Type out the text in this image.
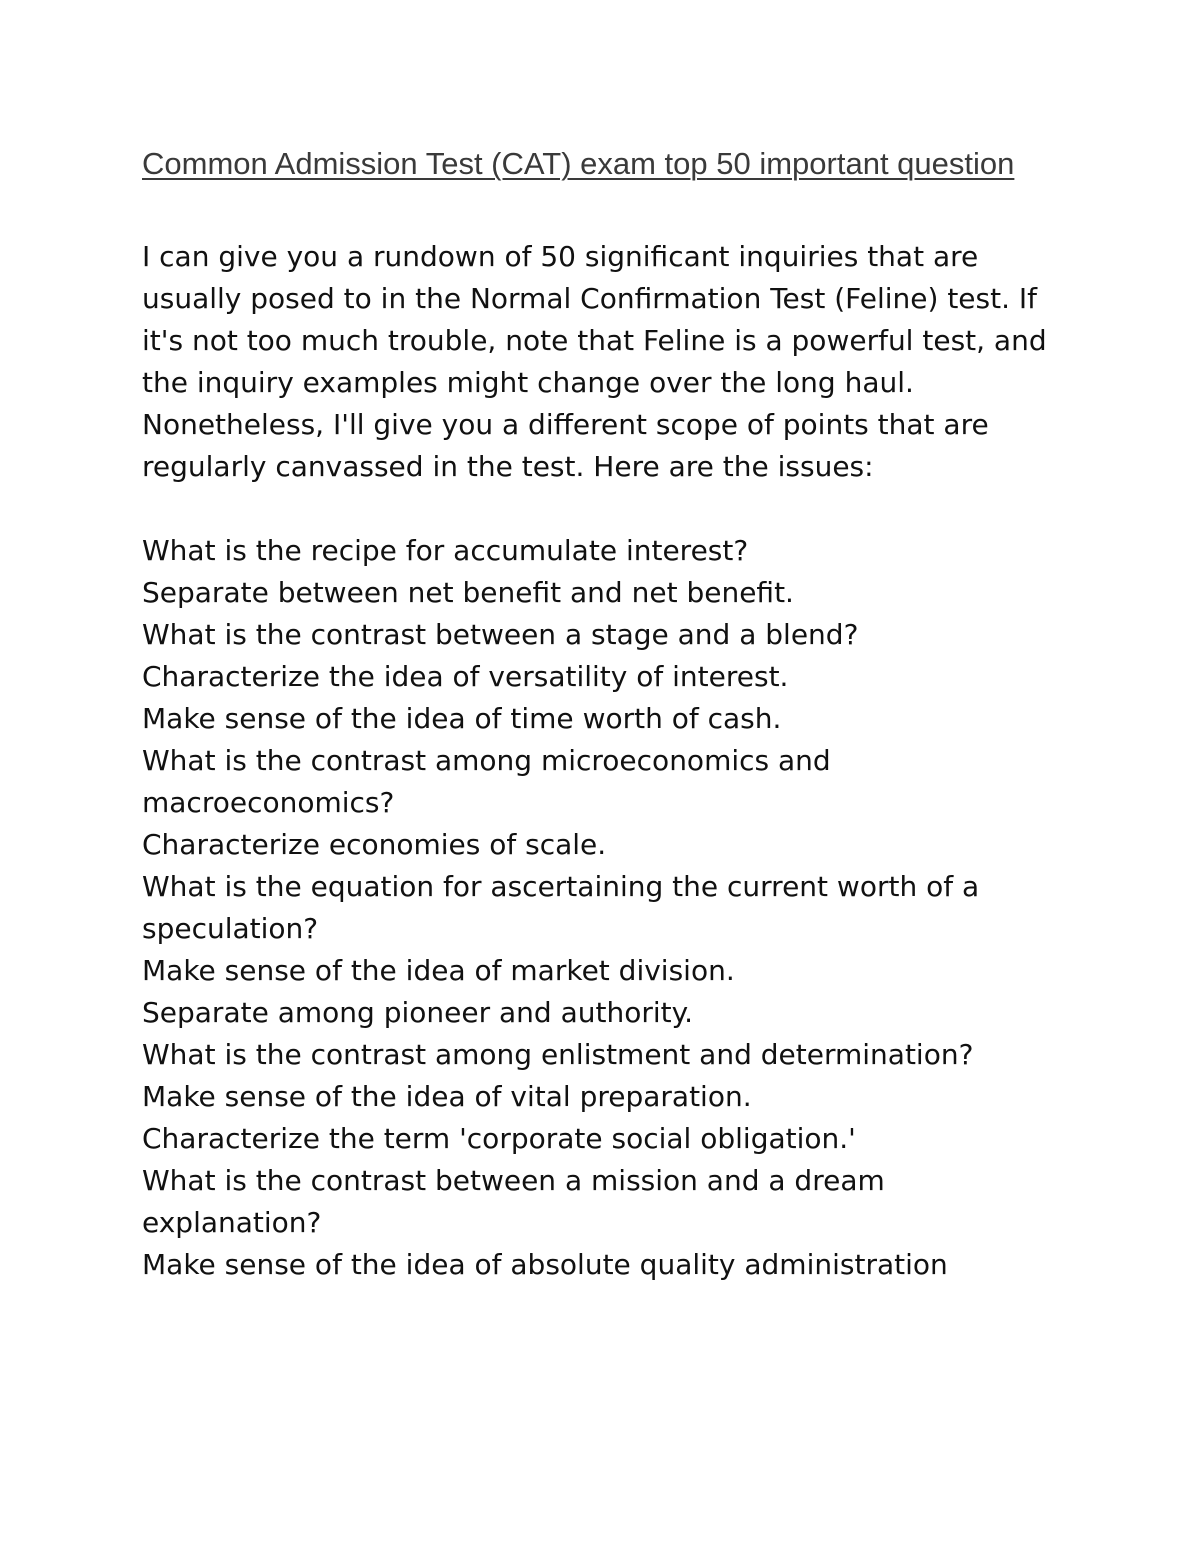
Common Admission Test (CAT) exam top 50 important question

I can give you a rundown of 50 significant inquiries that are usually posed to in the Normal Confirmation Test (Feline) test. If it's not too much trouble, note that Feline is a powerful test, and the inquiry examples might change over the long haul. Nonetheless, I'll give you a different scope of points that are regularly canvassed in the test. Here are the issues:

What is the recipe for accumulate interest?
Separate between net benefit and net benefit.
What is the contrast between a stage and a blend?
Characterize the idea of versatility of interest.
Make sense of the idea of time worth of cash.
What is the contrast among microeconomics and macroeconomics?
Characterize economies of scale.
What is the equation for ascertaining the current worth of a speculation?
Make sense of the idea of market division.
Separate among pioneer and authority.
What is the contrast among enlistment and determination?
Make sense of the idea of vital preparation.
Characterize the term 'corporate social obligation.'
What is the contrast between a mission and a dream explanation?
Make sense of the idea of absolute quality administration
